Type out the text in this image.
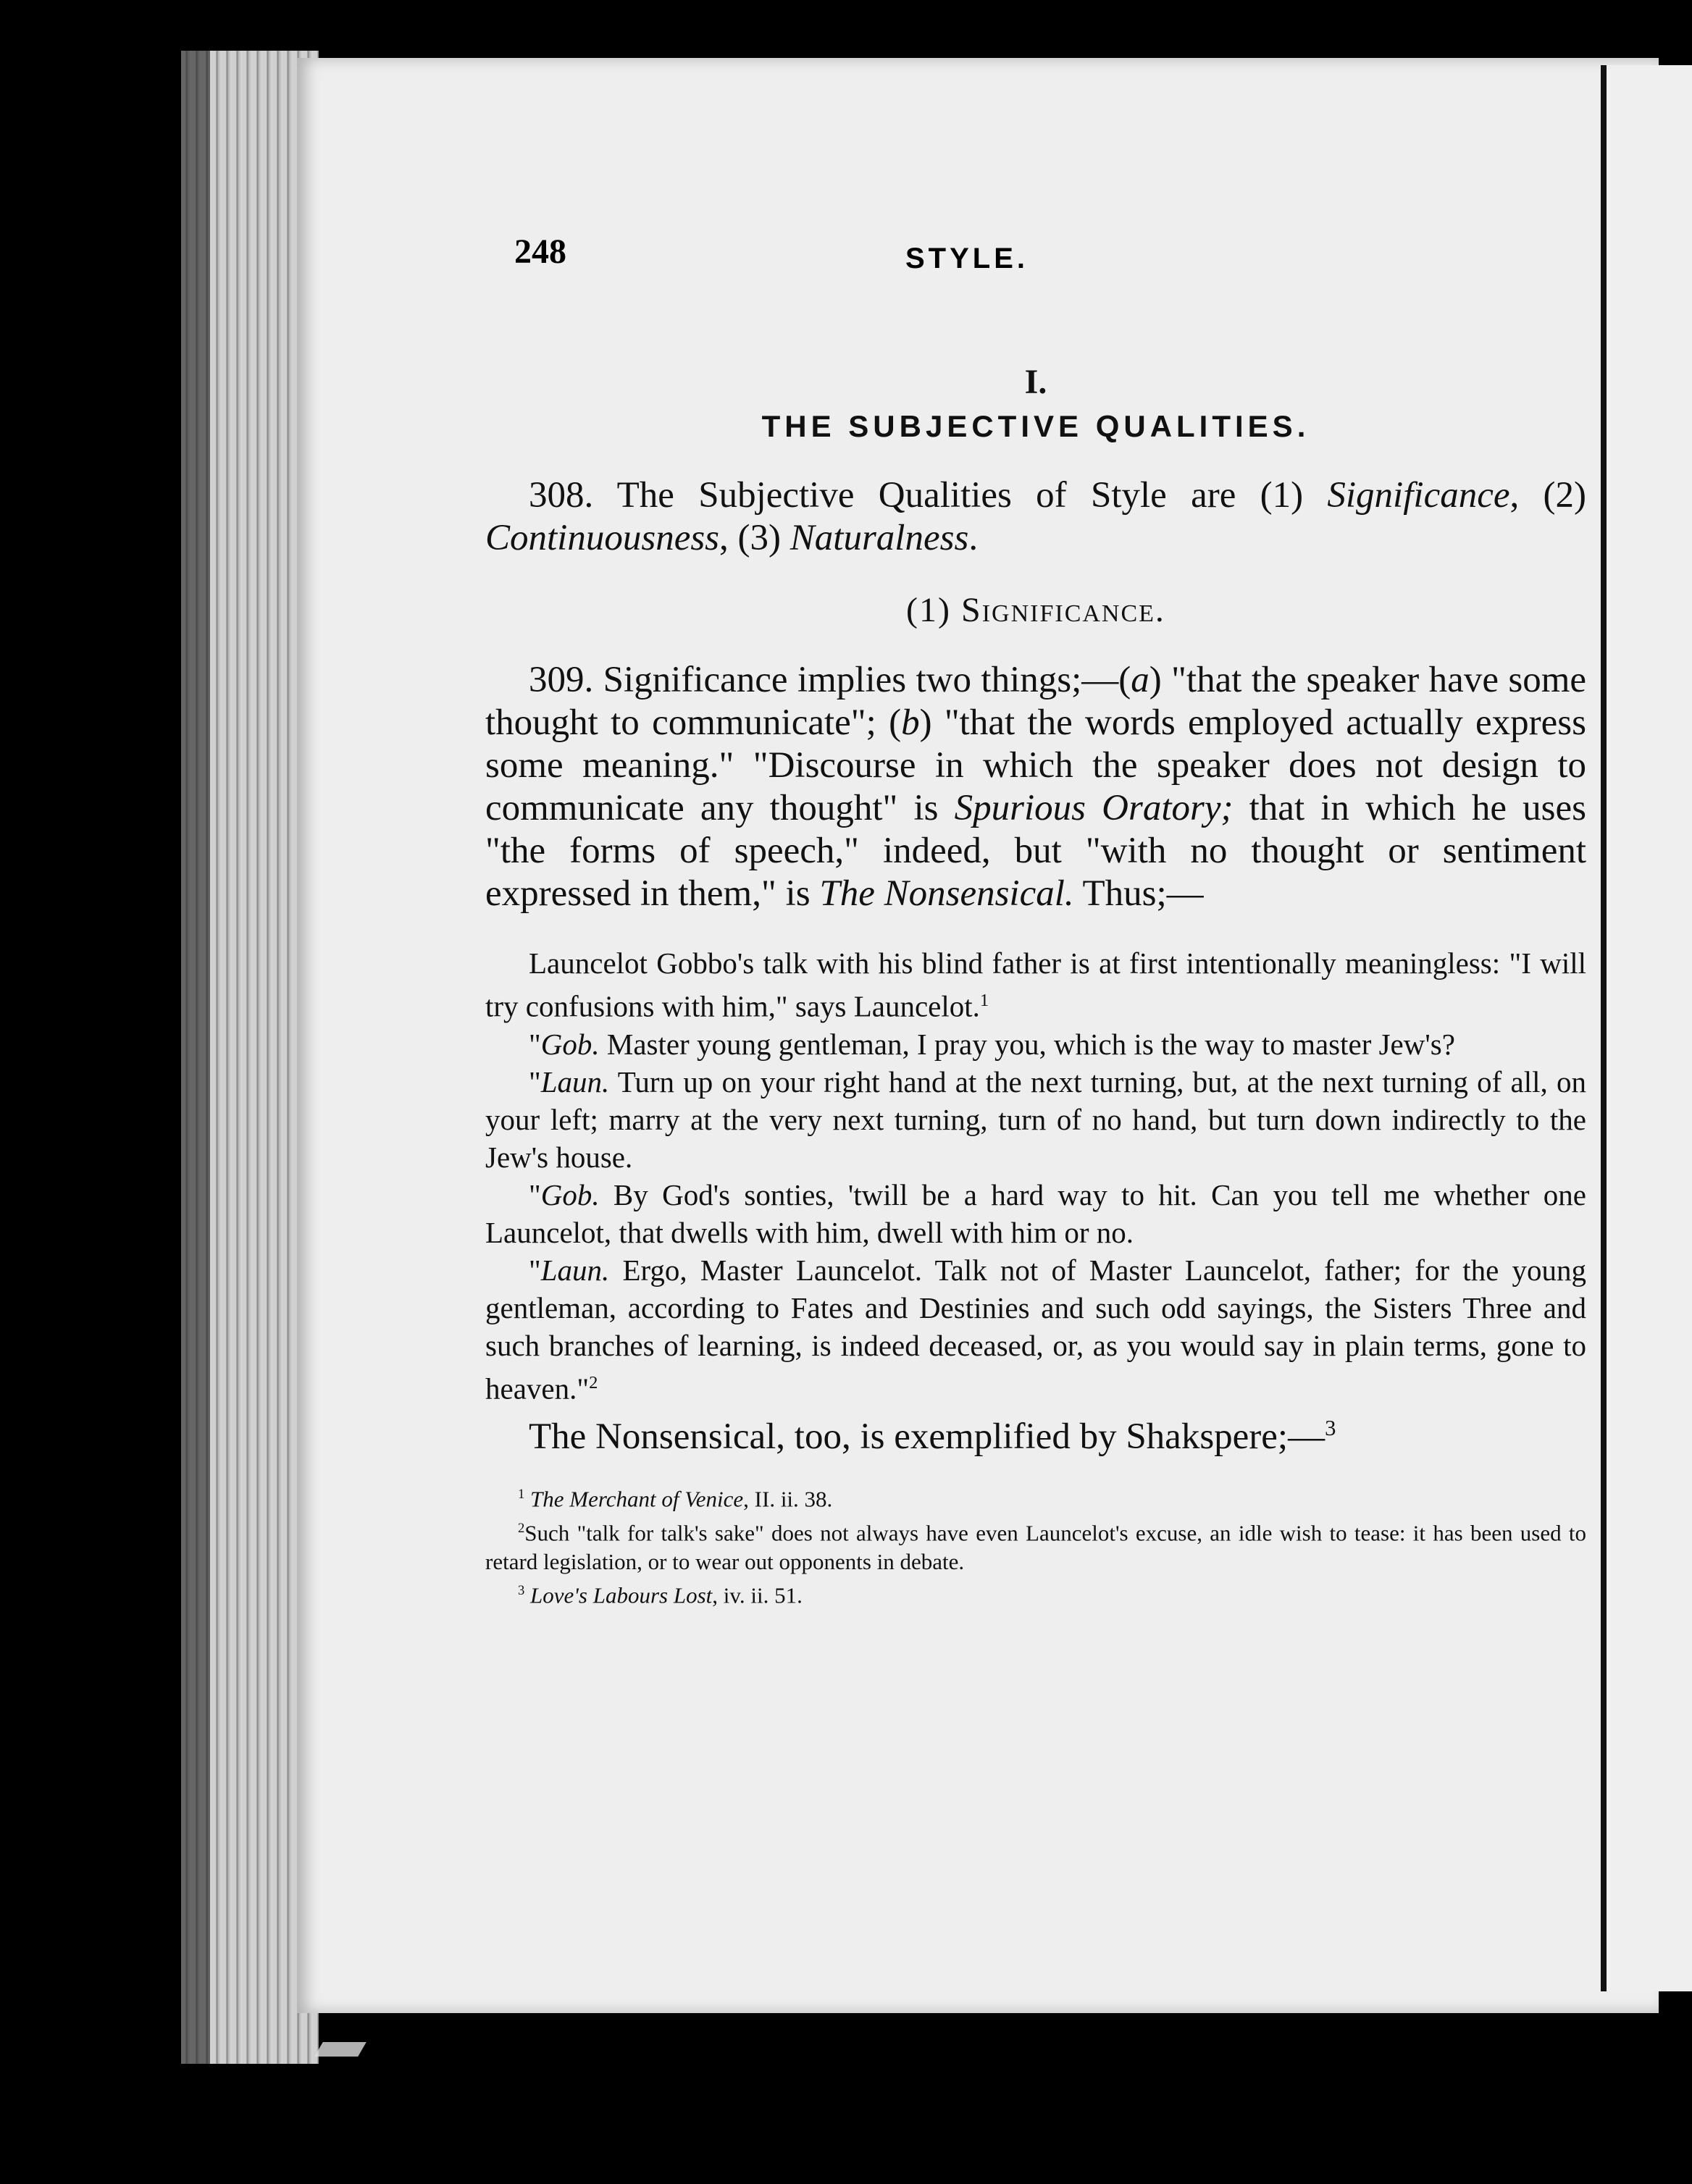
248	STYLE.
I.
THE SUBJECTIVE QUALITIES.

308. The Subjective Qualities of Style are (1) Significance, (2) Continuousness, (3) Naturalness.

(1) Significance.

309. Significance implies two things;—(a) "that the speaker have some thought to communicate"; (b) "that the words employed actually express some meaning." "Discourse in which the speaker does not design to communicate any thought" is Spurious Oratory; that in which he uses "the forms of speech," indeed, but "with no thought or sentiment expressed in them," is The Nonsensical. Thus;—

Launcelot Gobbo's talk with his blind father is at first intentionally meaningless: "I will try confusions with him," says Launcelot.$^1$

"Gob. Master young gentleman, I pray you, which is the way to master Jew's?

"Laun. Turn up on your right hand at the next turning, but, at the next turning of all, on your left; marry at the very next turning, turn of no hand, but turn down indirectly to the Jew's house.

"Gob. By God's sonties, 'twill be a hard way to hit. Can you tell me whether one Launcelot, that dwells with him, dwell with him or no.

"Laun. Ergo, Master Launcelot. Talk not of Master Launcelot, father; for the young gentleman, according to Fates and Destinies and such odd sayings, the Sisters Three and such branches of learning, is indeed deceased, or, as you would say in plain terms, gone to heaven."$^2$

The Nonsensical, too, is exemplified by Shakspere;—$^3$

$^1$ The Merchant of Venice, II. ii. 38.

$^2$Such "talk for talk's sake" does not always have even Launcelot's excuse, an idle wish to tease: it has been used to retard legislation, or to wear out opponents in debate.

$^3$ Love's Labours Lost, iv. ii. 51.
